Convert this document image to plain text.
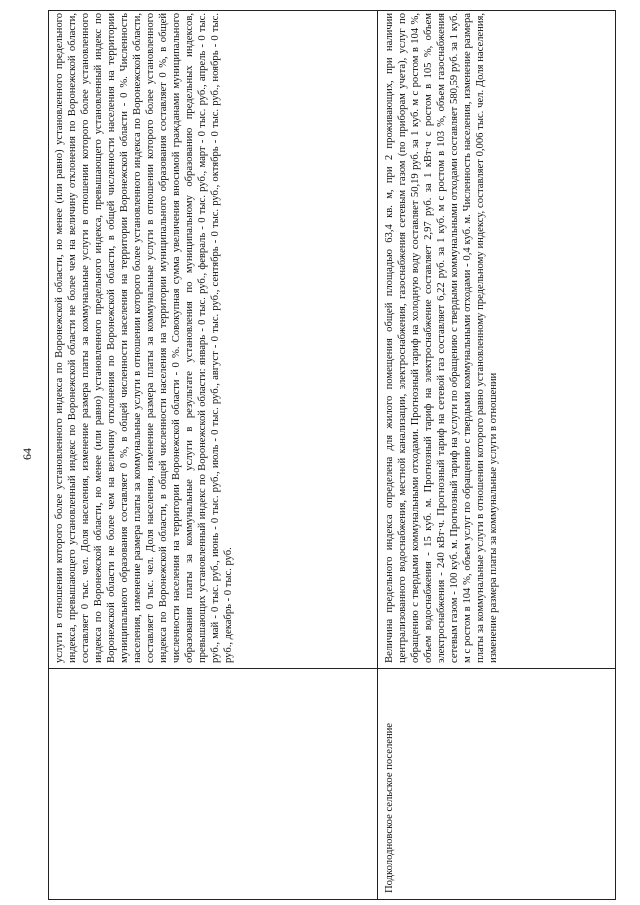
64 услуги в отношении которого более установленного индекса по Воронежской области, но менее (или равно) установленного предельного индекса, превышающего установленный индекс по Воронежской области не более чем на величину отклонения по Воронежской области, составляет 0 тыс. чел. Доля населения, изменение размера платы за коммунальные услуги в отношении которого более установленного индекса по Воронежской области, но менее (или равно) установленного предельного индекса, превышающего установленный индекс по Воронежской области не более чем на величину отклонения по Воронежской области, в общей численности населения на территории муниципального образования составляет 0 %, в общей численности населения на территории Воронежской области - 0 %. Численность населения, изменение размера платы за коммунальные услуги в отношении которого более установленного индекса по Воронежской области, составляет 0 тыс. чел. Доля населения, изменение размера платы за коммунальные услуги в отношении которого более установленного индекса по Воронежской области, в общей численности населения на территории муниципального образования составляет 0 %, в общей численности населения на территории Воронежской области - 0 %. Совокупная сумма увеличения вносимой гражданами муниципального образования платы за коммунальные услуги в результате установления по муниципальному образованию предельных индексов, превышающих установленный индекс по Воронежской области: январь - 0 тыс. руб., февраль - 0 тыс. руб., март - 0 тыс. руб., апрель - 0 тыс. руб., май - 0 тыс. руб., июнь - 0 тыс. руб., июль - 0 тыс. руб., август - 0 тыс. руб., сентябрь - 0 тыс. руб., октябрь - 0 тыс. руб., ноябрь - 0 тыс. руб., декабрь - 0 тыс. руб.
Подколодновское сельское поселение
Величина предельного индекса определена для жилого помещения общей площадью 63,4 кв. м, при 2 проживающих, при наличии централизованного водоснабжения, местной канализации, электроснабжения, газоснабжения сетевым газом (по приборам учета), услуг по обращению с твердыми коммунальными отходами. Прогнозный тариф на холодную воду составляет 50,19 руб. за 1 куб. м с ростом в 104 %, объем водоснабжения - 15 куб. м. Прогнозный тариф на электроснабжение составляет 2,97 руб. за 1 кВт·ч с ростом в 105 %, объем электроснабжения - 240 кВт·ч. Прогнозный тариф на сетевой газ составляет 6,22 руб. за 1 куб. м с ростом в 103 %, объем газоснабжения сетевым газом - 100 куб. м. Прогнозный тариф на услуги по обращению с твердыми коммунальными отходами составляет 580,59 руб. за 1 куб. м с ростом в 104 %, объем услуг по обращению с твердыми коммунальными отходами - 0,4 куб. м. Численность населения, изменение размера платы за коммунальные услуги в отношении которого равно установленному предельному индексу, составляет 0,006 тыс. чел. Доля населения, изменение размера платы за коммунальные услуги в отношении
